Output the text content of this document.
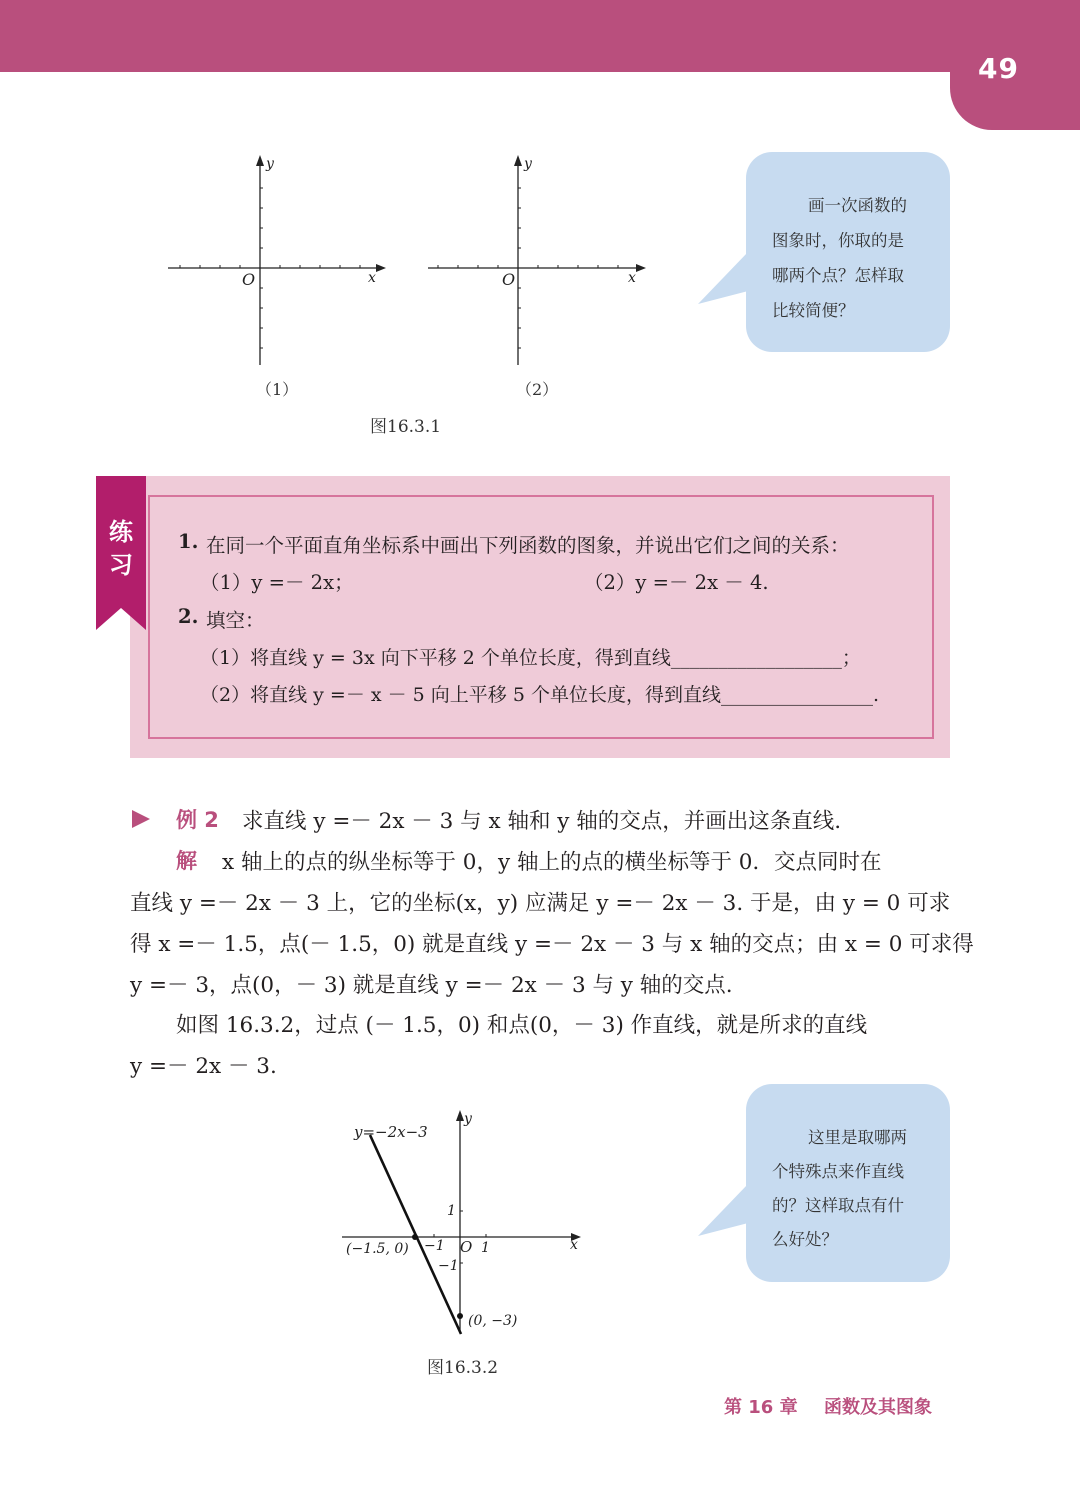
49
y
x
O
y
x
O
（1）	（2）
图16.3.1
画一次函数的
图象时，你取的是
哪两个点？怎样取
比较简便？
练
习
1. 在同一个平面直角坐标系中画出下列函数的图象，并说出它们之间的关系：
（1）y =－ 2x；	（2）y =－ 2x － 4.
2. 填空：
（1）将直线 y = 3x 向下平移 2 个单位长度，得到直线__________________；
（2）将直线 y =－ x － 5 向上平移 5 个单位长度，得到直线________________.
例 2 求直线 y =－ 2x － 3 与 x 轴和 y 轴的交点，并画出这条直线.
解 x 轴上的点的纵坐标等于 0，y 轴上的点的横坐标等于 0．交点同时在
直线 y =－ 2x － 3 上，它的坐标(x，y) 应满足 y =－ 2x － 3. 于是，由 y = 0 可求
得 x =－ 1.5，点(－ 1.5，0) 就是直线 y =－ 2x － 3 与 x 轴的交点；由 x = 0 可求得
y =－ 3，点(0，－ 3) 就是直线 y =－ 2x － 3 与 y 轴的交点.
如图 16.3.2，过点 (－ 1.5，0) 和点(0，－ 3) 作直线，就是所求的直线
y =－ 2x － 3.
y=−2x−3
y
x
O 1
−1
1
−1
(−1.5, 0)
(0, −3)
图16.3.2
这里是取哪两
个特殊点来作直线
的？这样取点有什
么好处？
第 16 章 函数及其图象
